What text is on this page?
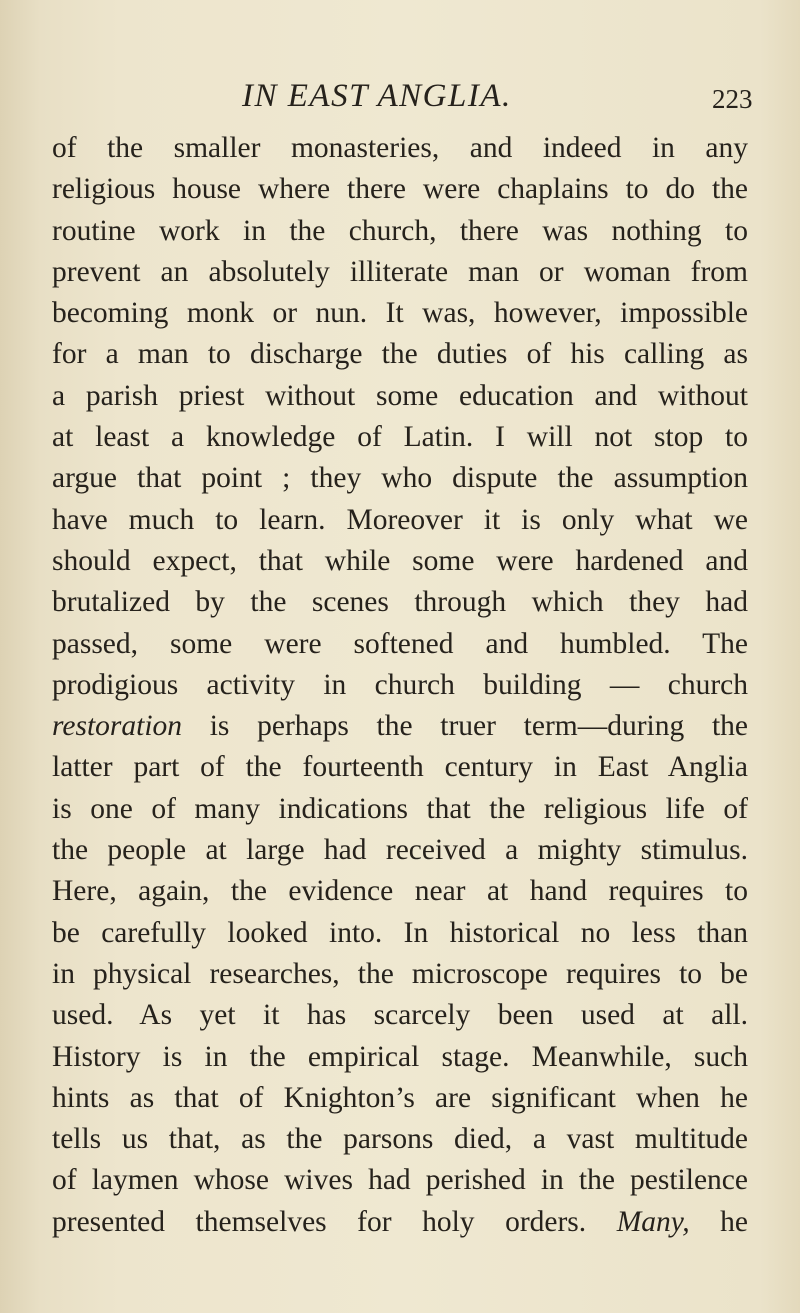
IN EAST ANGLIA.	223
of the smaller monasteries, and indeed in any
religious house where there were chaplains to do the
routine work in the church, there was nothing to
prevent an absolutely illiterate man or woman from
becoming monk or nun. It was, however, impossible
for a man to discharge the duties of his calling as
a parish priest without some education and without
at least a knowledge of Latin. I will not stop to
argue that point ; they who dispute the assumption
have much to learn. Moreover it is only what we
should expect, that while some were hardened and
brutalized by the scenes through which they had
passed, some were softened and humbled. The
prodigious activity in church building — church
restoration is perhaps the truer term—during the
latter part of the fourteenth century in East Anglia
is one of many indications that the religious life of
the people at large had received a mighty stimulus.
Here, again, the evidence near at hand requires to
be carefully looked into. In historical no less than
in physical researches, the microscope requires to be
used. As yet it has scarcely been used at all.
History is in the empirical stage. Meanwhile, such
hints as that of Knighton’s are significant when he
tells us that, as the parsons died, a vast multitude
of laymen whose wives had perished in the pestilence
presented themselves for holy orders. Many, he
